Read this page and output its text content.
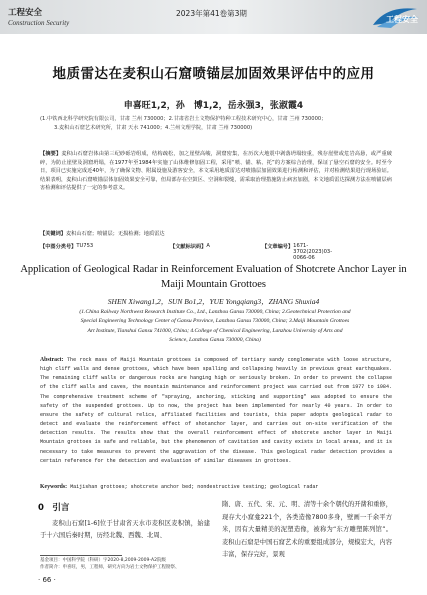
工程安全
Construction Security
2023年第41卷第3期
工程安全
地质雷达在麦积山石窟喷锚层加固效果评估中的应用
申喜旺1,2，孙　博1,2，岳永强3，张淑霞4
(1.中铁西北科学研究院有限公司，甘肃 兰州 730000；2.甘肃省岩土文物保护特种工程技术研究中心，甘肃 兰州 730000；
3.麦积山石窟艺术研究所，甘肃 天水 741000；4.兰州文理学院，甘肃 兰州 730000)
【摘要】麦积山石窟岩体由第三纪砂砾岩组成，结构疏松，加之崖壁高峻，洞窟密集，在历次大地震中剥落坍塌较重，残存崖壁或危岩高悬，或严重破碎，为防止崖壁及洞窟坍塌，在1977年至1984年实施了山体维修加固工程，采用“喷、锚、粘、托”的方案综合治理，保证了悬空石窟的安全。时至今日，项目已实施完成近40年，为了确保文物、附属设施及游客安全，本文采用地质雷达对喷锚层加固效果进行检测和评估，并对检测结果进行现场验证。结果表明，麦积山石窟喷锚层体加固效果安全可靠，但局部存在空鼓区、空洞和裂缝，需采取治理措施防止病害加剧，本文地质雷达探测方法在喷锚层病害检测和评估提供了一定的参考意义。
【关键词】麦积山石窟；喷锚层；无损检测；地质雷达
【中图分类号】 TU753	【文献标识码】 A	【文章编号】 1671-3702(2023)03-0066-06
Application of Geological Radar in Reinforcement Evaluation of Shotcrete Anchor Layer in Maiji Mountain Grottoes
SHEN Xiwang1,2，SUN Bo1,2，YUE Yongqiang3，ZHANG Shuxia4
(1.China Railway Northwest Research Institute Co., Ltd., Lanzhou Gansu 730000, China; 2.Geotechnical Protection and
Special Engineering Technology Center of Gansu Province, Lanzhou Gansu 730000, China; 3.Maiji Mountain Grottoes
Art Institute, Tianshui Gansu 741000, China; 4.College of Chemical Engineering, Lanzhou University of Arts and
Science, Lanzhou Gansu 730000, China)
Abstract: The rock mass of Maiji Mountain grottoes is composed of tertiary sandy conglomerate with loose structure, high cliff walls and dense grottoes, which have been spalling and collapsing heavily in previous great earthquakes. The remaining cliff walls or dangerous rocks are hanging high or seriously broken. In order to prevent the collapse of the cliff walls and caves, the mountain maintenance and reinforcement project was carried out from 1977 to 1984. The comprehensive treatment scheme of "spraying, anchoring, sticking and supporting" was adopted to ensure the safety of the suspended grottoes. Up to now, the project has been implemented for nearly 40 years. In order to ensure the safety of cultural relics, affiliated facilities and tourists, this paper adopts geological radar to detect and evaluate the reinforcement effect of shotanchor layer, and carries out on-site verification of the detection results. The results show that the overall reinforcement effect of shotcrete anchor layer in Maiji Mountain grottoes is safe and reliable, but the phenomenon of cavitation and cavity exists in local areas, and it is necessary to take measures to prevent the aggravation of the disease. This geological radar detection provides a certain reference for the detection and evaluation of similar diseases in grottoes.
Keywords: Maijishan grottoes; shotcrete anchor bed; nondestructive testing; geological radar
0  引言
麦积山石窟[1-6]位于甘肃省天水市麦积区麦积镇，始建于十六国后秦时期，历经北魏、西魏、北周、
隋、唐、五代、宋、元、明、清等十余个朝代的开凿和重修，现存大小窟龛221个，各类造像7800多身，壁画一千余平方米，因有大量精美的泥塑造像，被称为“东方雕塑陈列馆”。麦积山石窟是中国石窟艺术的重要组成部分，规模宏大，内容丰富，保存完好，景观
基金项目：中国科学院（科研）字2020-8,2009-2009-A2院级
作者简介：申喜旺，男，工程师，研究方向为岩土文物保护工程勘察、
· 66 ·
